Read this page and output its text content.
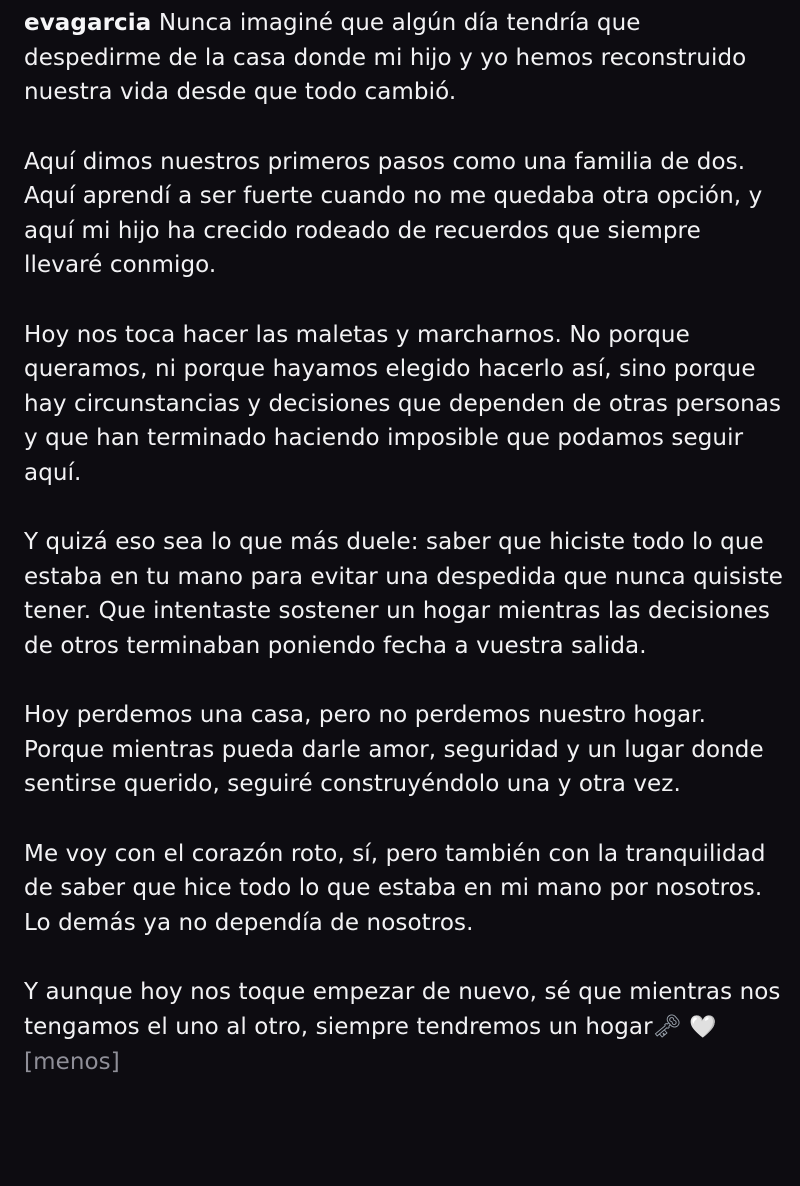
evagarcia Nunca imaginé que algún día tendría que despedirme de la casa donde mi hijo y yo hemos reconstruido nuestra vida desde que todo cambió.

Aquí dimos nuestros primeros pasos como una familia de dos. Aquí aprendí a ser fuerte cuando no me quedaba otra opción, y aquí mi hijo ha crecido rodeado de recuerdos que siempre llevaré conmigo.

Hoy nos toca hacer las maletas y marcharnos. No porque queramos, ni porque hayamos elegido hacerlo así, sino porque hay circunstancias y decisiones que dependen de otras personas y que han terminado haciendo imposible que podamos seguir aquí.

Y quizá eso sea lo que más duele: saber que hiciste todo lo que estaba en tu mano para evitar una despedida que nunca quisiste tener. Que intentaste sostener un hogar mientras las decisiones de otros terminaban poniendo fecha a vuestra salida.

Hoy perdemos una casa, pero no perdemos nuestro hogar. Porque mientras pueda darle amor, seguridad y un lugar donde sentirse querido, seguiré construyéndolo una y otra vez.

Me voy con el corazón roto, sí, pero también con la tranquilidad de saber que hice todo lo que estaba en mi mano por nosotros. Lo demás ya no dependía de nosotros.

Y aunque hoy nos toque empezar de nuevo, sé que mientras nos tengamos el uno al otro, siempre tendremos un hogar🗝 🤍 [menos]
